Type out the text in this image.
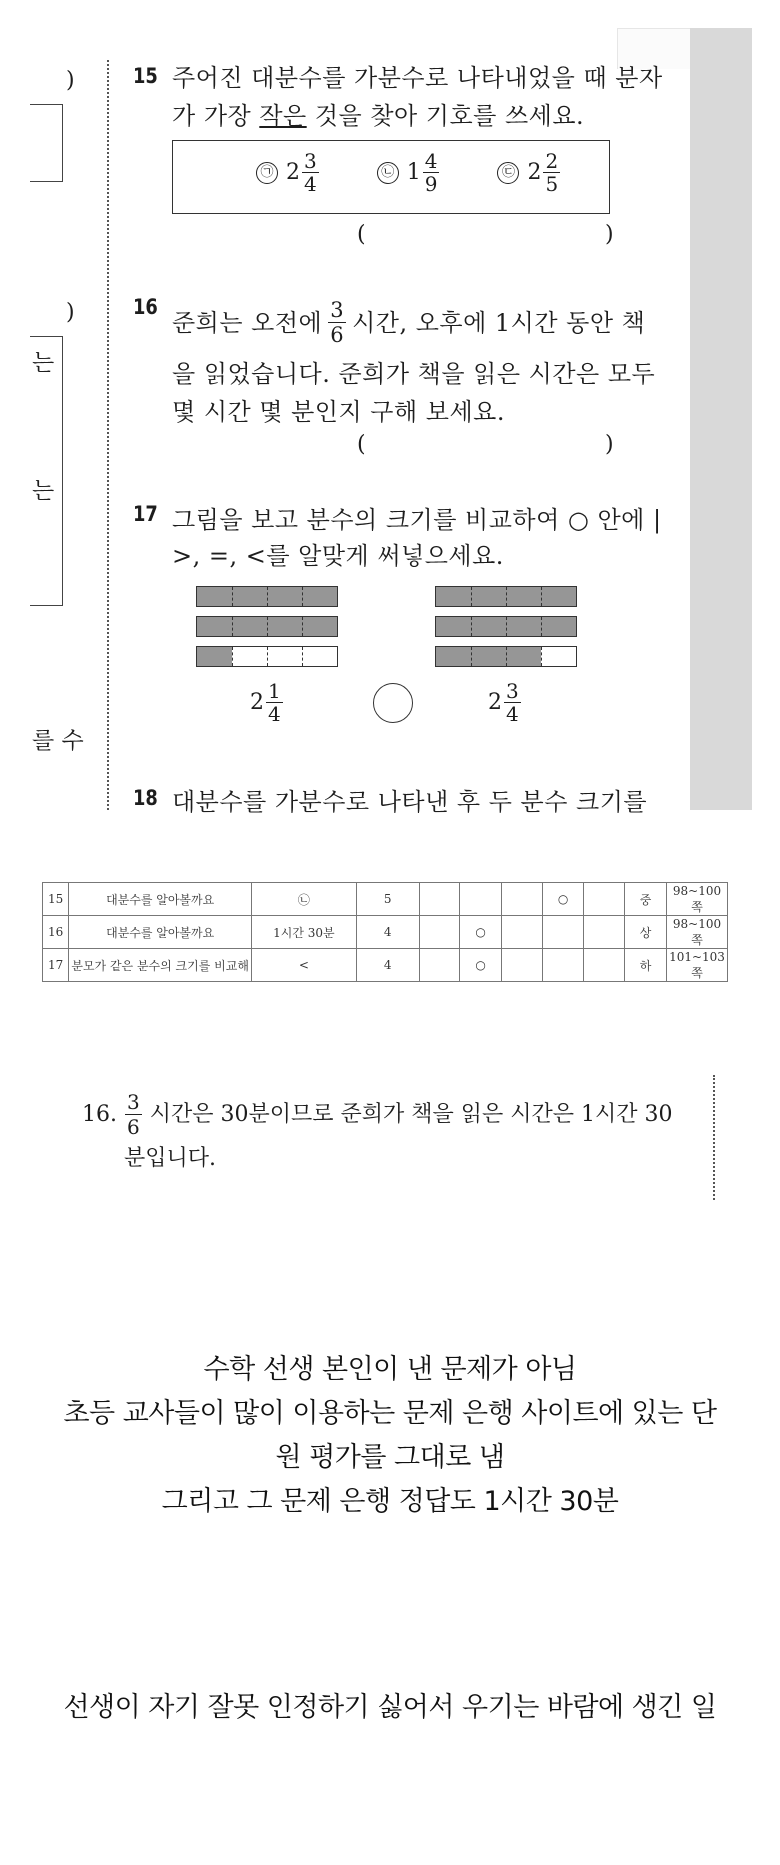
)
)
는
는
를 수
15 주어진 대분수를 가분수로 나타내었을 때 분자
가 가장 작은 것을 찾아 기호를 쓰세요.
㉠ $2 \frac{3}{4}$	㉡ $1 \frac{4}{9}$	㉢ $2 \frac{2}{5}$
(	)
16
준희는 오전에 $\frac{3}{6}$ 시간, 오후에 1시간 동안 책
을 읽었습니다. 준희가 책을 읽은 시간은 모두
몇 시간 몇 분인지 구해 보세요.
(	)
17 그림을 보고 분수의 크기를 비교하여 ○ 안에 |
>, =, <를 알맞게 써넣으세요.
$2 \frac{1}{4}$	$2 \frac{3}{4}$
18 대분수를 가분수로 나타낸 후 두 분수 크기를
15	대분수를 알아볼까요	㉡	5				○		중	98~100쪽
16	대분수를 알아볼까요	1시간 30분	4		○				상	98~100쪽
17	분모가 같은 분수의 크기를 비교해	<	4		○				하	101~103쪽
16. $\frac{3}{6}$ 시간은 30분이므로 준희가 책을 읽은 시간은 1시간 30
분입니다.
수학 선생 본인이 낸 문제가 아님
초등 교사들이 많이 이용하는 문제 은행 사이트에 있는 단
원 평가를 그대로 냄
그리고 그 문제 은행 정답도 1시간 30분
선생이 자기 잘못 인정하기 싫어서 우기는 바람에 생긴 일
